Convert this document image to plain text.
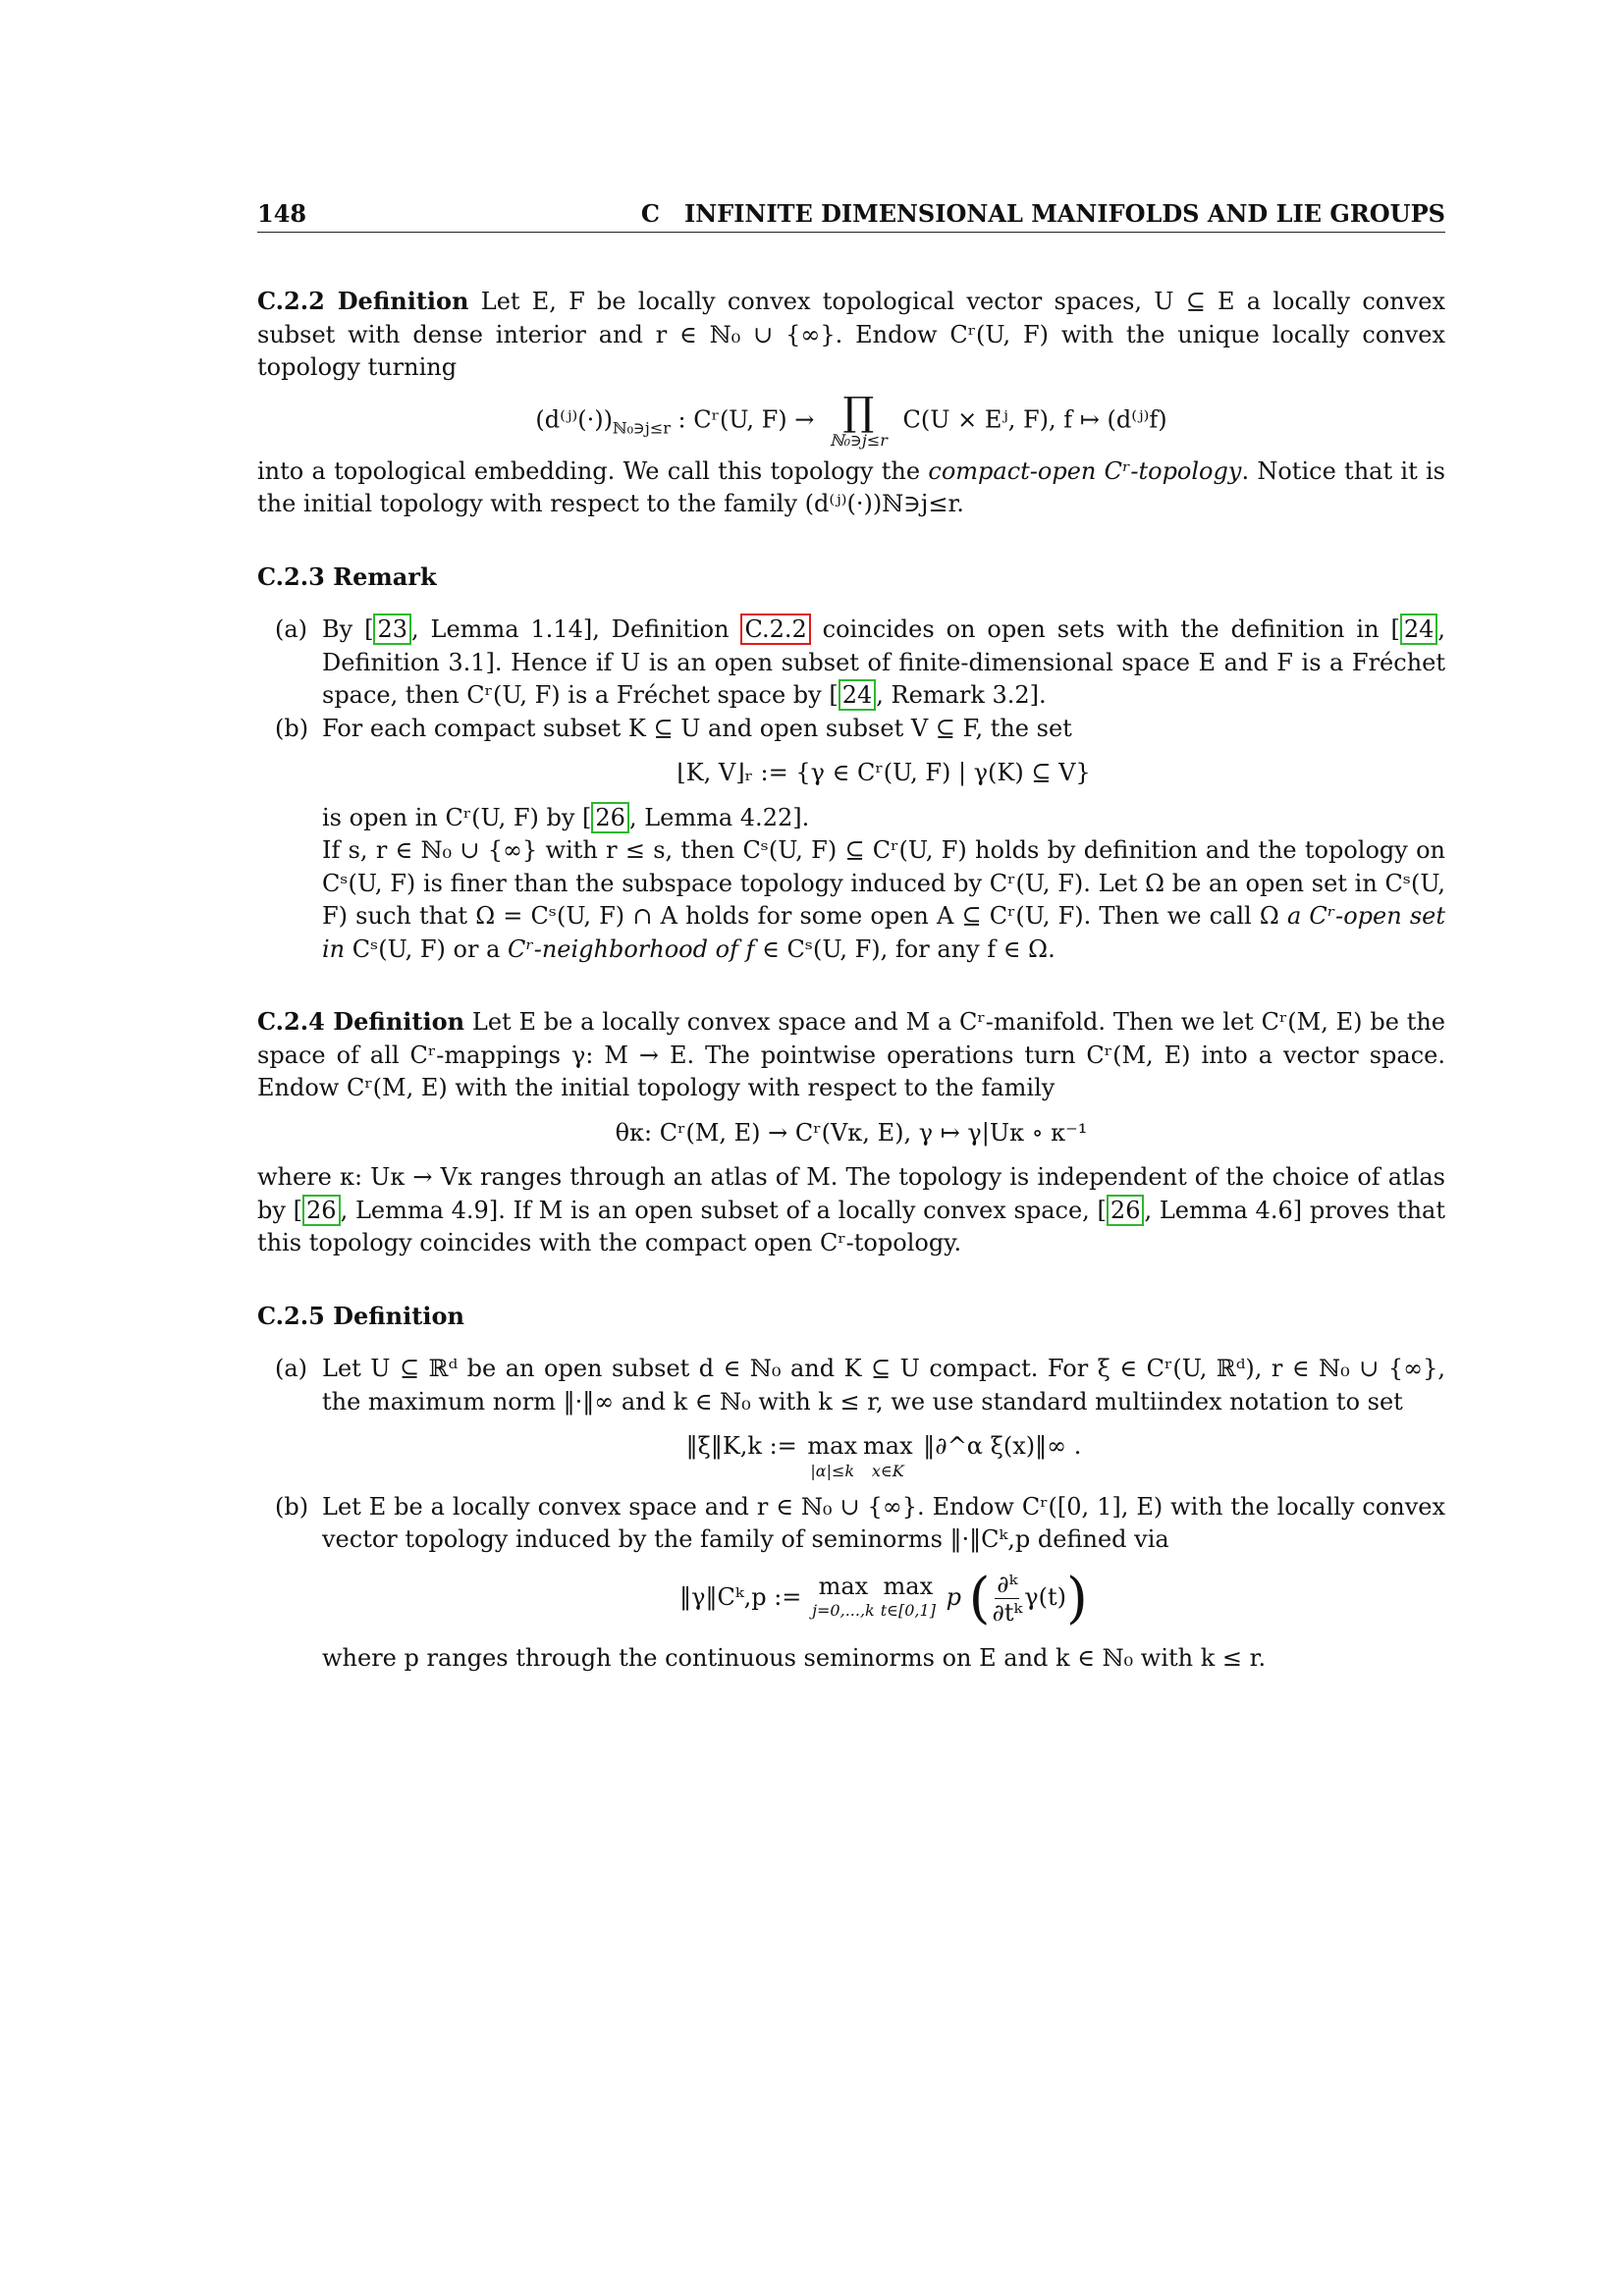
148	C   INFINITE DIMENSIONAL MANIFOLDS AND LIE GROUPS

C.2.2 Definition Let E, F be locally convex topological vector spaces, U ⊆ E a locally convex subset with dense interior and r ∈ ℕ₀ ∪ {∞}. Endow Cʳ(U, F) with the unique locally convex topology turning

$(d^(ʲ^)(\cdot))_{ℕ_0∋j\le r}$ : Cʳ(U, F) → ∏
ℕ₀∋j≤r
C(U × Eʲ, F), f ↦ (d⁽ʲ⁾f)

into a topological embedding. We call this topology the compact-open Cʳ-topology. Notice that it is the initial topology with respect to the family (d⁽ʲ⁾(·))ℕ∋j≤r.

C.2.3 Remark

(a) By [ 23 , Lemma 1.14], Definition C.2.2 coincides on open sets with the definition in [ 24 , Definition 3.1]. Hence if U is an open subset of finite-dimensional space E and F is a Fréchet space, then Cʳ(U, F) is a Fréchet space by [ 24 , Remark 3.2].
(b) For each compact subset K ⊆ U and open subset V ⊆ F, the set
⌊K, V⌋ᵣ := {γ ∈ Cʳ(U, F) | γ(K) ⊆ V}
is open in Cʳ(U, F) by [ 26 , Lemma 4.22].
If s, r ∈ ℕ₀ ∪ {∞} with r ≤ s, then Cˢ(U, F) ⊆ Cʳ(U, F) holds by definition and the topology on Cˢ(U, F) is finer than the subspace topology induced by Cʳ(U, F). Let Ω be an open set in Cˢ(U, F) such that Ω = Cˢ(U, F) ∩ A holds for some open A ⊆ Cʳ(U, F). Then we call Ω a Cʳ-open set in Cˢ(U, F) or a Cʳ-neighborhood of f ∈ Cˢ(U, F), for any f ∈ Ω.

C.2.4 Definition Let E be a locally convex space and M a Cʳ-manifold. Then we let Cʳ(M, E) be the space of all Cʳ-mappings γ: M → E. The pointwise operations turn Cʳ(M, E) into a vector space. Endow Cʳ(M, E) with the initial topology with respect to the family

θκ: Cʳ(M, E) → Cʳ(Vκ, E), γ ↦ γ|Uκ ∘ κ⁻¹

where κ: Uκ → Vκ ranges through an atlas of M. The topology is independent of the choice of atlas by [ 26 , Lemma 4.9]. If M is an open subset of a locally convex space, [ 26 , Lemma 4.6] proves that this topology coincides with the compact open Cʳ-topology.

C.2.5 Definition

(a) Let U ⊆ ℝᵈ be an open subset d ∈ ℕ₀ and K ⊆ U compact. For ξ ∈ Cʳ(U, ℝᵈ), r ∈ ℕ₀ ∪ {∞}, the maximum norm ‖·‖∞ and k ∈ ℕ₀ with k ≤ r, we use standard multiindex notation to set
‖ξ‖K,k := max
|α|≤k
max
x∈K
‖∂^α ξ(x)‖∞ .
(b) Let E be a locally convex space and r ∈ ℕ₀ ∪ {∞}. Endow Cʳ([0, 1], E) with the locally convex vector topology induced by the family of seminorms ‖·‖Cᵏ,p defined via
‖γ‖Cᵏ,p := max
j=0,...,k
max
t∈[0,1] p ( $\frac{\text{∂ᵏ}}{\text{∂tᵏ}} \gamma(t)$)
where p ranges through the continuous seminorms on E and k ∈ ℕ₀ with k ≤ r.
